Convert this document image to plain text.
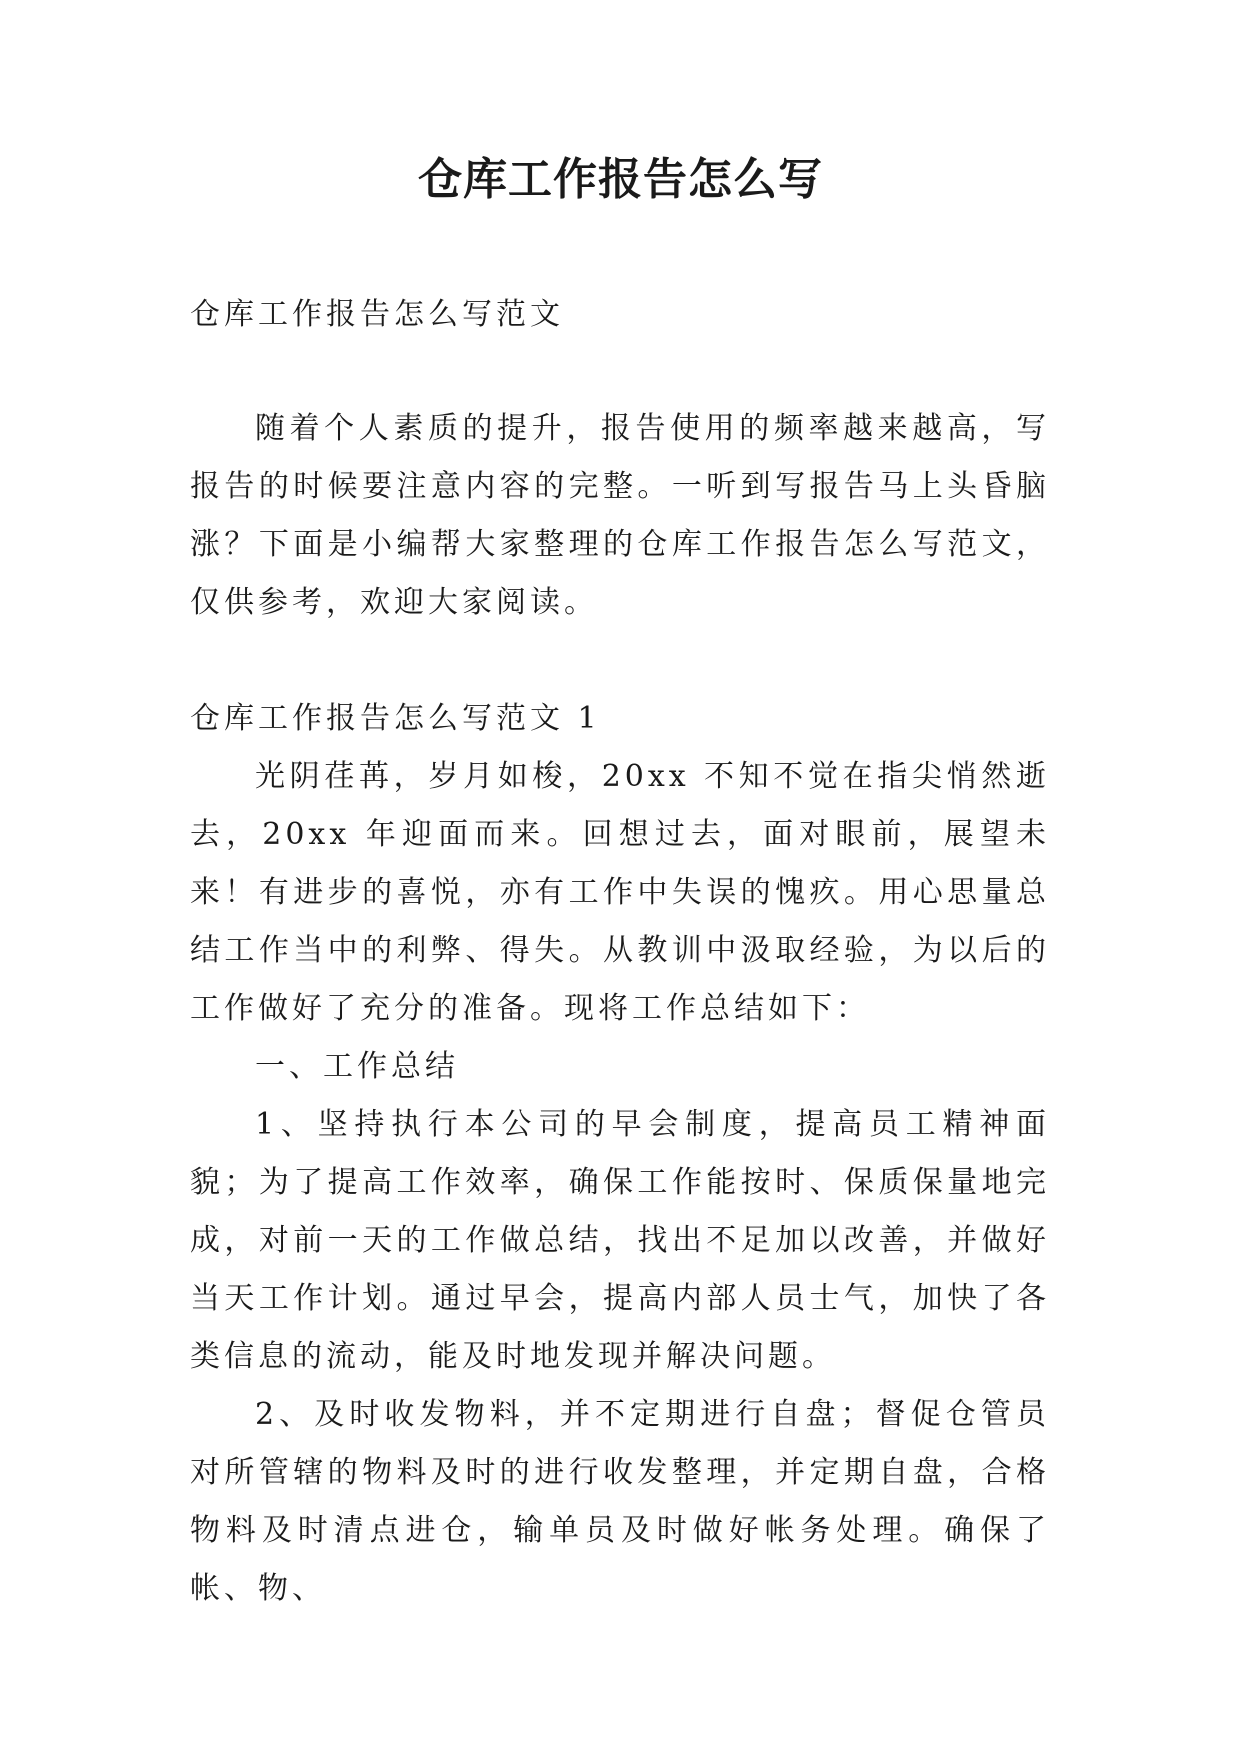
仓库工作报告怎么写

仓库工作报告怎么写范文

随着个人素质的提升，报告使用的频率越来越高，写报告的时候要注意内容的完整。一听到写报告马上头昏脑涨？下面是小编帮大家整理的仓库工作报告怎么写范文，仅供参考，欢迎大家阅读。

仓库工作报告怎么写范文 1

光阴荏苒，岁月如梭，20xx 不知不觉在指尖悄然逝去，20xx 年迎面而来。回想过去，面对眼前，展望未来！有进步的喜悦，亦有工作中失误的愧疚。用心思量总结工作当中的利弊、得失。从教训中汲取经验，为以后的工作做好了充分的准备。现将工作总结如下：

一、工作总结

1、坚持执行本公司的早会制度，提高员工精神面貌；为了提高工作效率，确保工作能按时、保质保量地完成，对前一天的工作做总结，找出不足加以改善，并做好当天工作计划。通过早会，提高内部人员士气，加快了各类信息的流动，能及时地发现并解决问题。

2、及时收发物料，并不定期进行自盘；督促仓管员对所管辖的物料及时的进行收发整理，并定期自盘，合格物料及时清点进仓，输单员及时做好帐务处理。确保了帐、物、
